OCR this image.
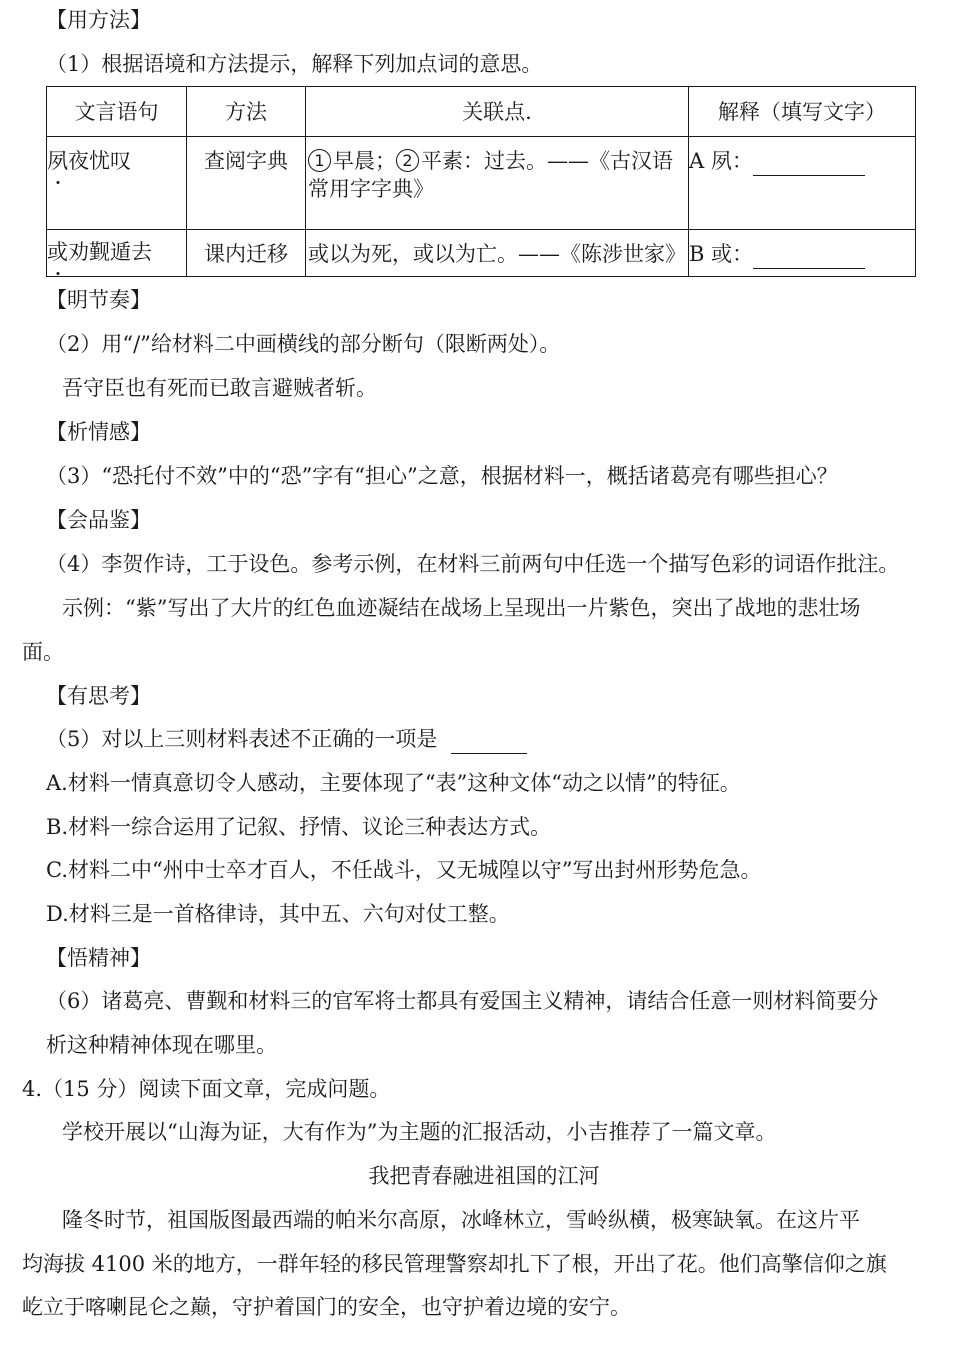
【用方法】
（1）根据语境和方法提示，解释下列加点词的意思。
文言语句	方法	关联点.	解释（填写文字）
夙夜忧叹	查阅字典	1 早晨； 2 平素：过去。——《古汉语常用字字典》	A 夙：
或劝觐遁去	课内迁移	或以为死，或以为亡。——《陈涉世家》	B 或：
【明节奏】
（2）用“/”给材料二中画横线的部分断句（限断两处）。
吾守臣也有死而已敢言避贼者斩。
【析情感】
（3）“恐托付不效”中的“恐”字有“担心”之意，根据材料一，概括诸葛亮有哪些担心？
【会品鉴】
（4）李贺作诗，工于设色。参考示例，在材料三前两句中任选一个描写色彩的词语作批注。
示例：“紫”写出了大片的红色血迹凝结在战场上呈现出一片紫色，突出了战地的悲壮场
面。
【有思考】
（5）对以上三则材料表述不正确的一项是
A.材料一情真意切令人感动，主要体现了“表”这种文体“动之以情”的特征。
B.材料一综合运用了记叙、抒情、议论三种表达方式。
C.材料二中“州中士卒才百人，不任战斗，又无城隍以守”写出封州形势危急。
D.材料三是一首格律诗，其中五、六句对仗工整。
【悟精神】
（6）诸葛亮、曹觐和材料三的官军将士都具有爱国主义精神，请结合任意一则材料简要分
析这种精神体现在哪里。
4.（15 分）阅读下面文章，完成问题。
学校开展以“山海为证，大有作为”为主题的汇报活动，小吉推荐了一篇文章。
我把青春融进祖国的江河
隆冬时节，祖国版图最西端的帕米尔高原，冰峰林立，雪岭纵横，极寒缺氧。在这片平
均海拔 4100 米的地方，一群年轻的移民管理警察却扎下了根，开出了花。他们高擎信仰之旗
屹立于喀喇昆仑之巅，守护着国门的安全，也守护着边境的安宁。
